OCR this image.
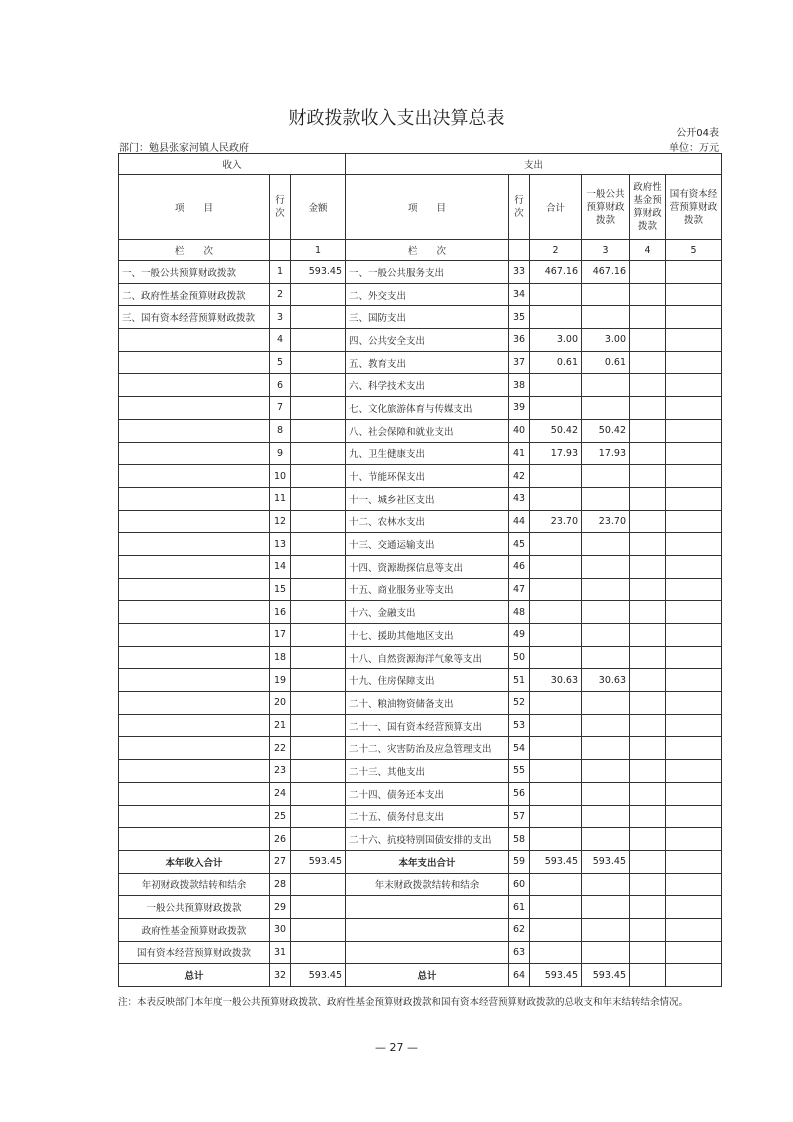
财政拨款收入支出决算总表
公开04表
部门：勉县张家河镇人民政府	单位：万元
收入			支出					
项　　目	行次	金额	项　　目	行次	合计	一般公共预算财政拨款	政府性基金预算财政拨款	国有资本经营预算财政拨款
栏　　次		1	栏　　次		2	3	4	5
一、一般公共预算财政拨款	1	593.45	一、一般公共服务支出	33	467.16	467.16		
二、政府性基金预算财政拨款	2		二、外交支出	34				
三、国有资本经营预算财政拨款	3		三、国防支出	35				
	4		四、公共安全支出	36	3.00	3.00		
	5		五、教育支出	37	0.61	0.61		
	6		六、科学技术支出	38				
	7		七、文化旅游体育与传媒支出	39				
	8		八、社会保障和就业支出	40	50.42	50.42		
	9		九、卫生健康支出	41	17.93	17.93		
	10		十、节能环保支出	42				
	11		十一、城乡社区支出	43				
	12		十二、农林水支出	44	23.70	23.70		
	13		十三、交通运输支出	45				
	14		十四、资源勘探信息等支出	46				
	15		十五、商业服务业等支出	47				
	16		十六、金融支出	48				
	17		十七、援助其他地区支出	49				
	18		十八、自然资源海洋气象等支出	50				
	19		十九、住房保障支出	51	30.63	30.63		
	20		二十、粮油物资储备支出	52				
	21		二十一、国有资本经营预算支出	53				
	22		二十二、灾害防治及应急管理支出	54				
	23		二十三、其他支出	55				
	24		二十四、债务还本支出	56				
	25		二十五、债务付息支出	57				
	26		二十六、抗疫特别国债安排的支出	58				
本年收入合计	27	593.45	本年支出合计	59	593.45	593.45		
年初财政拨款结转和结余	28		年末财政拨款结转和结余	60				
一般公共预算财政拨款	29			61				
政府性基金预算财政拨款	30			62				
国有资本经营预算财政拨款	31			63				
总计	32	593.45	总计	64	593.45	593.45		
注：本表反映部门本年度一般公共预算财政拨款、政府性基金预算财政拨款和国有资本经营预算财政拨款的总收支和年末结转结余情况。
— 27 —
